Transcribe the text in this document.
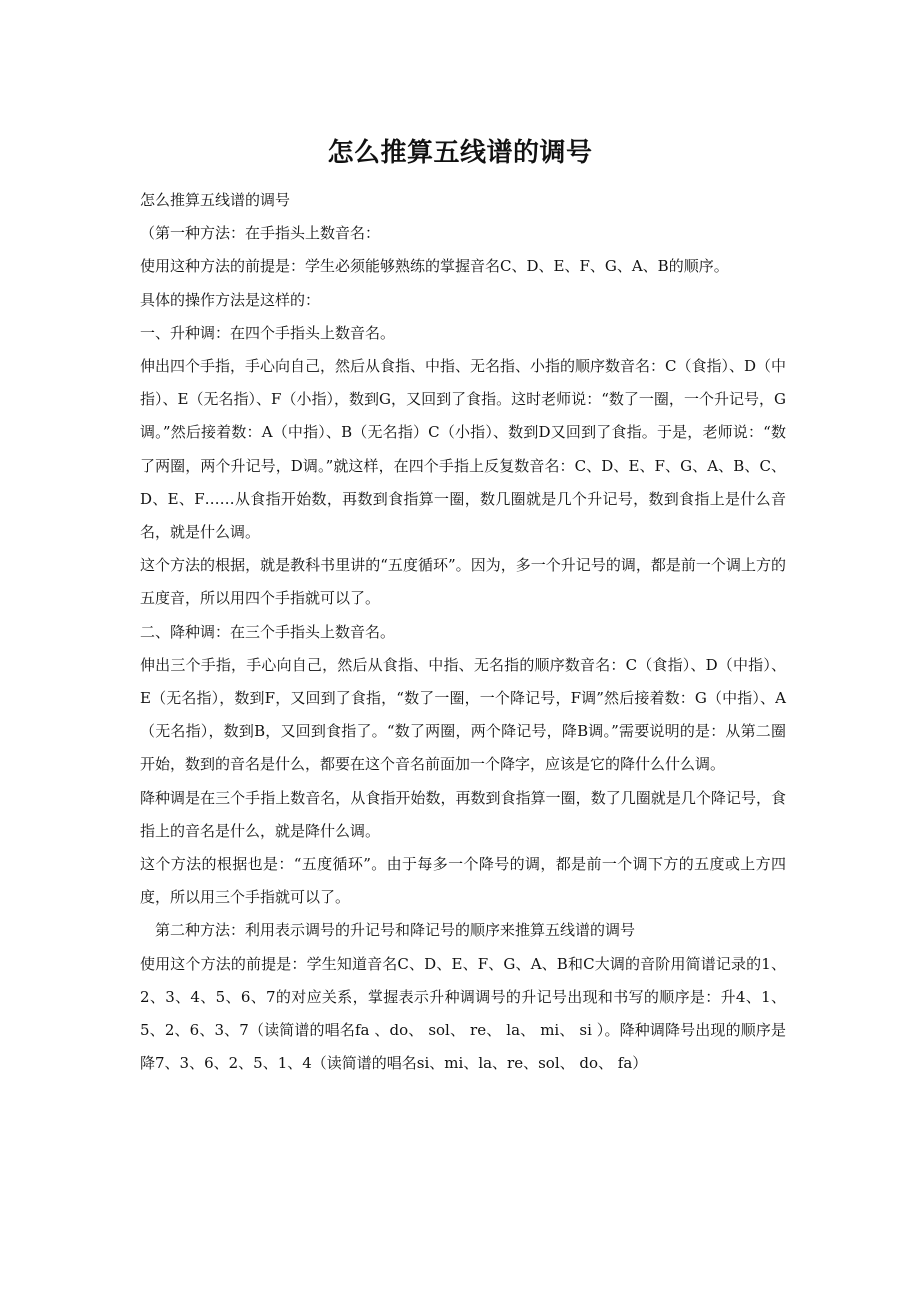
怎么推算五线谱的调号

怎么推算五线谱的调号

（第一种方法：在手指头上数音名：

使用这种方法的前提是：学生必须能够熟练的掌握音名C、D、E、F、G、A、B的顺序。

具体的操作方法是这样的：

一、升种调：在四个手指头上数音名。

伸出四个手指，手心向自己，然后从食指、中指、无名指、小指的顺序数音名：C（食指）、D（中指）、E（无名指）、F（小指），数到G，又回到了食指。这时老师说：“数了一圈，一个升记号，G调。”然后接着数：A（中指）、B（无名指）C（小指）、数到D又回到了食指。于是，老师说：“数了两圈，两个升记号，D调。”就这样，在四个手指上反复数音名：C、D、E、F、G、A、B、C、D、E、F……从食指开始数，再数到食指算一圈，数几圈就是几个升记号，数到食指上是什么音名，就是什么调。

这个方法的根据，就是教科书里讲的“五度循环”。因为，多一个升记号的调，都是前一个调上方的五度音，所以用四个手指就可以了。

二、降种调：在三个手指头上数音名。

伸出三个手指，手心向自己，然后从食指、中指、无名指的顺序数音名：C（食指）、D（中指）、E（无名指），数到F，又回到了食指，“数了一圈，一个降记号，F调”然后接着数：G（中指）、A（无名指），数到B，又回到食指了。“数了两圈，两个降记号，降B调。”需要说明的是：从第二圈开始，数到的音名是什么，都要在这个音名前面加一个降字，应该是它的降什么什么调。

降种调是在三个手指上数音名，从食指开始数，再数到食指算一圈，数了几圈就是几个降记号，食指上的音名是什么，就是降什么调。

这个方法的根据也是：“五度循环”。由于每多一个降号的调，都是前一个调下方的五度或上方四度，所以用三个手指就可以了。

第二种方法：利用表示调号的升记号和降记号的顺序来推算五线谱的调号

使用这个方法的前提是：学生知道音名C、D、E、F、G、A、B和C大调的音阶用简谱记录的1、2、3、4、5、6、7的对应关系，掌握表示升种调调号的升记号出现和书写的顺序是：升4、1、5、2、6、3、7（读简谱的唱名fa 、do、 sol、 re、 la、 mi、 si ）。降种调降号出现的顺序是降7、3、6、2、5、1、4（读简谱的唱名si、mi、la、re、sol、 do、 fa）
